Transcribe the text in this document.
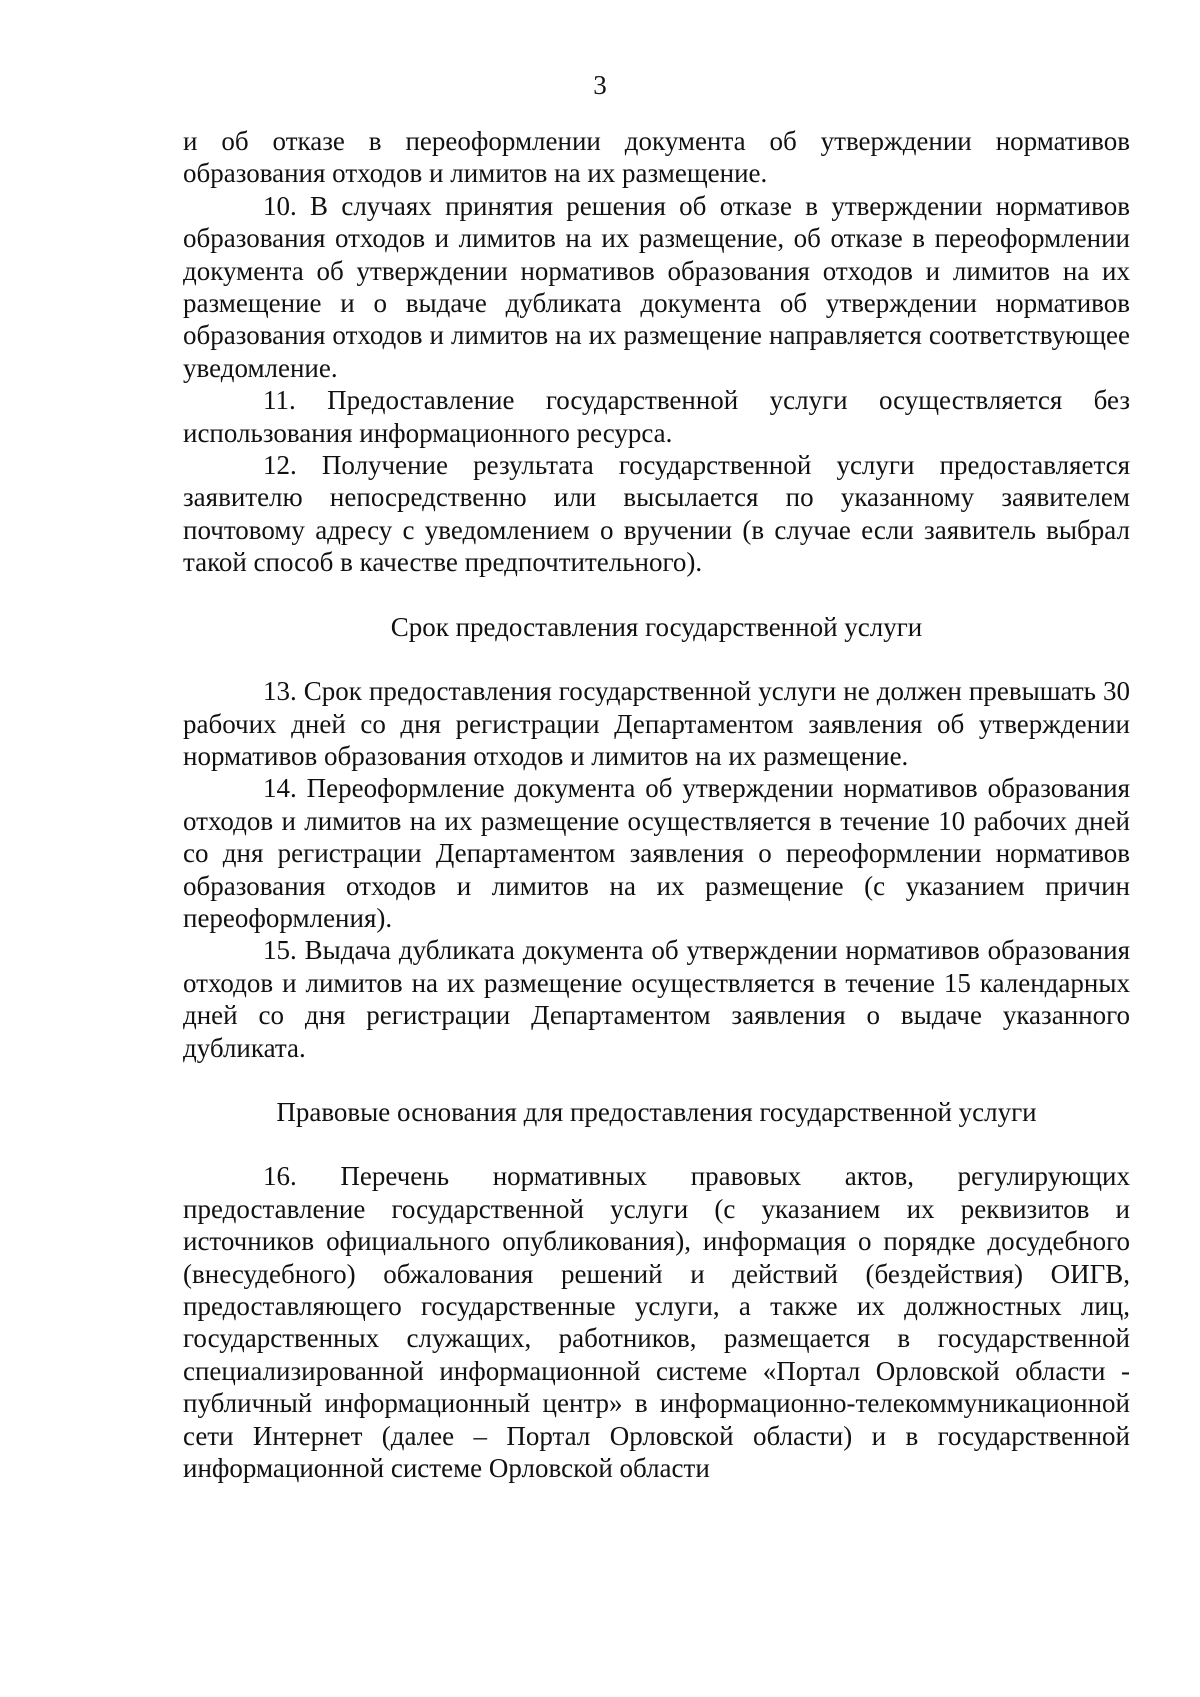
3

и об отказе в переоформлении документа об утверждении нормативов образования отходов и лимитов на их размещение.

10. В случаях принятия решения об отказе в утверждении нормативов образования отходов и лимитов на их размещение, об отказе в переоформлении документа об утверждении нормативов образования отходов и лимитов на их размещение и о выдаче дубликата документа об утверждении нормативов образования отходов и лимитов на их размещение направляется соответствующее уведомление.

11. Предоставление государственной услуги осуществляется без использования информационного ресурса.

12. Получение результата государственной услуги предоставляется заявителю непосредственно или высылается по указанному заявителем почтовому адресу с уведомлением о вручении (в случае если заявитель выбрал такой способ в качестве предпочтительного).

Срок предоставления государственной услуги

13. Срок предоставления государственной услуги не должен превышать 30 рабочих дней со дня регистрации Департаментом заявления об утверждении нормативов образования отходов и лимитов на их размещение.

14. Переоформление документа об утверждении нормативов образования отходов и лимитов на их размещение осуществляется в течение 10 рабочих дней со дня регистрации Департаментом заявления о переоформлении нормативов образования отходов и лимитов на их размещение (с указанием причин переоформления).

15. Выдача дубликата документа об утверждении нормативов образования отходов и лимитов на их размещение осуществляется в течение 15 календарных дней со дня регистрации Департаментом заявления о выдаче указанного дубликата.

Правовые основания для предоставления государственной услуги

16. Перечень нормативных правовых актов, регулирующих предоставление государственной услуги (с указанием их реквизитов и источников официального опубликования), информация о порядке досудебного (внесудебного) обжалования решений и действий (бездействия) ОИГВ, предоставляющего государственные услуги, а также их должностных лиц, государственных служащих, работников, размещается в государственной специализированной информационной системе «Портал Орловской области - публичный информационный центр» в информационно-телекоммуникационной сети Интернет (далее – Портал Орловской области) и в государственной информационной системе Орловской области
